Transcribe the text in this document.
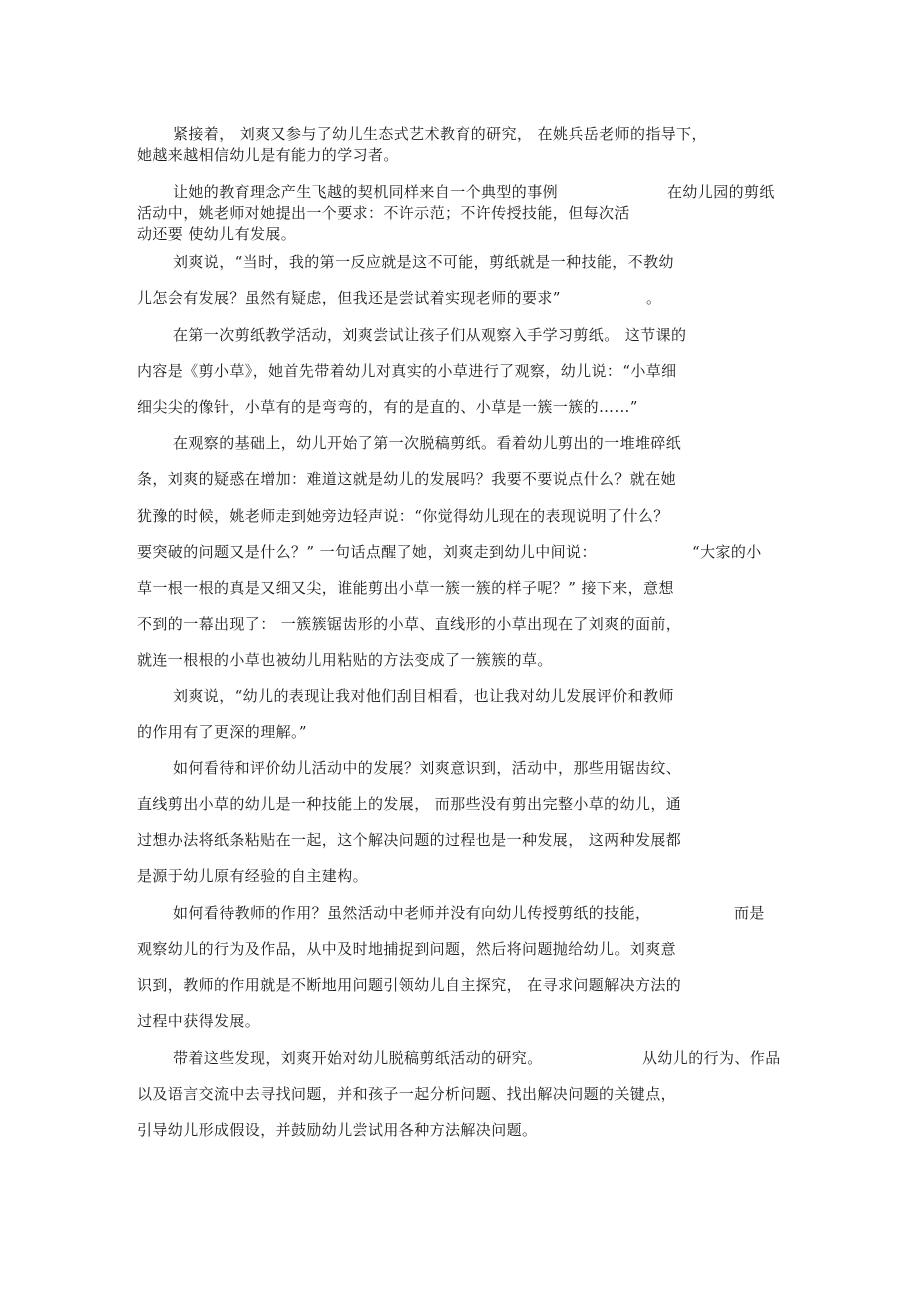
紧接着， 刘爽又参与了幼儿生态式艺术教育的研究， 在姚兵岳老师的指导下，
她越来越相信幼儿是有能力的学习者。
让她的教育理念产生飞越的契机同样来自一个典型的事例	在幼儿园的剪纸
活动中，姚老师对她提出一个要求：不许示范；不许传授技能，但每次活
动还要 使幼儿有发展。
刘爽说，“当时，我的第一反应就是这不可能，剪纸就是一种技能，不教幼
儿怎会有发展？虽然有疑虑，但我还是尝试着实现老师的要求”	。
在第一次剪纸教学活动，刘爽尝试让孩子们从观察入手学习剪纸。 这节课的
内容是《剪小草》，她首先带着幼儿对真实的小草进行了观察，幼儿说：“小草细
细尖尖的像针，小草有的是弯弯的，有的是直的、小草是一簇一簇的……”
在观察的基础上，幼儿开始了第一次脱稿剪纸。看着幼儿剪出的一堆堆碎纸
条，刘爽的疑惑在增加：难道这就是幼儿的发展吗？我要不要说点什么？就在她
犹豫的时候，姚老师走到她旁边轻声说：“你觉得幼儿现在的表现说明了什么？
要突破的问题又是什么？” 一句话点醒了她，刘爽走到幼儿中间说：	“大家的小
草一根一根的真是又细又尖，谁能剪出小草一簇一簇的样子呢？” 接下来，意想
不到的一幕出现了： 一簇簇锯齿形的小草、直线形的小草出现在了刘爽的面前，
就连一根根的小草也被幼儿用粘贴的方法变成了一簇簇的草。
刘爽说，“幼儿的表现让我对他们刮目相看，也让我对幼儿发展评价和教师
的作用有了更深的理解。”
如何看待和评价幼儿活动中的发展？刘爽意识到，活动中，那些用锯齿纹、
直线剪出小草的幼儿是一种技能上的发展， 而那些没有剪出完整小草的幼儿，通
过想办法将纸条粘贴在一起，这个解决问题的过程也是一种发展， 这两种发展都
是源于幼儿原有经验的自主建构。
如何看待教师的作用？虽然活动中老师并没有向幼儿传授剪纸的技能，	而是
观察幼儿的行为及作品，从中及时地捕捉到问题，然后将问题抛给幼儿。刘爽意
识到，教师的作用就是不断地用问题引领幼儿自主探究， 在寻求问题解决方法的
过程中获得发展。
带着这些发现，刘爽开始对幼儿脱稿剪纸活动的研究。	从幼儿的行为、作品
以及语言交流中去寻找问题，并和孩子一起分析问题、找出解决问题的关键点，
引导幼儿形成假设，并鼓励幼儿尝试用各种方法解决问题。
